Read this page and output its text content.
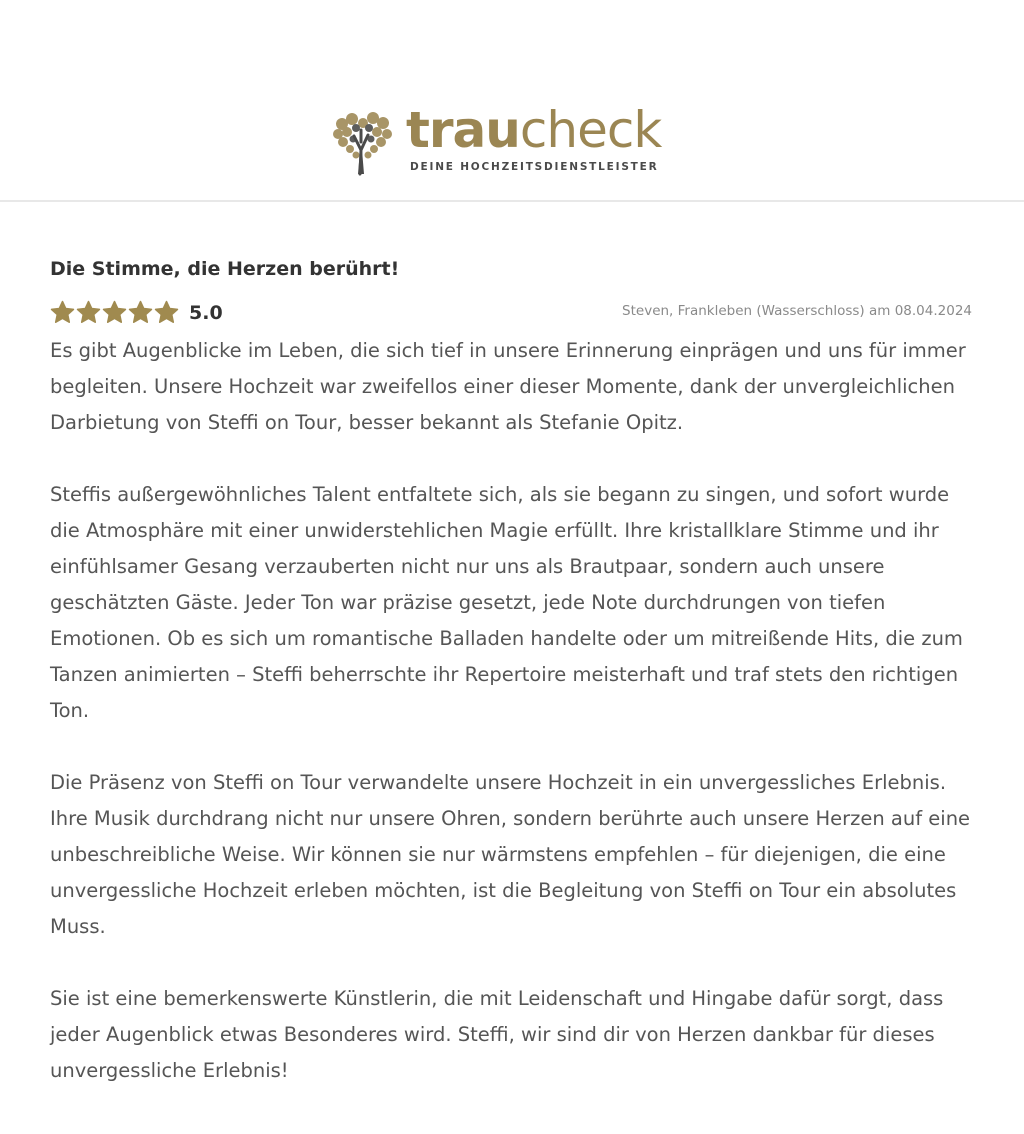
traucheck
DEINE HOCHZEITSDIENSTLEISTER
Die Stimme, die Herzen berührt!
5.0	Steven, Frankleben (Wasserschloss) am 08.04.2024

Es gibt Augenblicke im Leben, die sich tief in unsere Erinnerung einprägen und uns für immer begleiten. Unsere Hochzeit war zweifellos einer dieser Momente, dank der unvergleichlichen Darbietung von Steffi on Tour, besser bekannt als Stefanie Opitz.

Steffis außergewöhnliches Talent entfaltete sich, als sie begann zu singen, und sofort wurde die Atmosphäre mit einer unwiderstehlichen Magie erfüllt. Ihre kristallklare Stimme und ihr einfühlsamer Gesang verzauberten nicht nur uns als Brautpaar, sondern auch unsere geschätzten Gäste. Jeder Ton war präzise gesetzt, jede Note durchdrungen von tiefen Emotionen. Ob es sich um romantische Balladen handelte oder um mitreißende Hits, die zum Tanzen animierten – Steffi beherrschte ihr Repertoire meisterhaft und traf stets den richtigen Ton.

Die Präsenz von Steffi on Tour verwandelte unsere Hochzeit in ein unvergessliches Erlebnis. Ihre Musik durchdrang nicht nur unsere Ohren, sondern berührte auch unsere Herzen auf eine unbeschreibliche Weise. Wir können sie nur wärmstens empfehlen – für diejenigen, die eine unvergessliche Hochzeit erleben möchten, ist die Begleitung von Steffi on Tour ein absolutes Muss.

Sie ist eine bemerkenswerte Künstlerin, die mit Leidenschaft und Hingabe dafür sorgt, dass jeder Augenblick etwas Besonderes wird. Steffi, wir sind dir von Herzen dankbar für dieses unvergessliche Erlebnis!
